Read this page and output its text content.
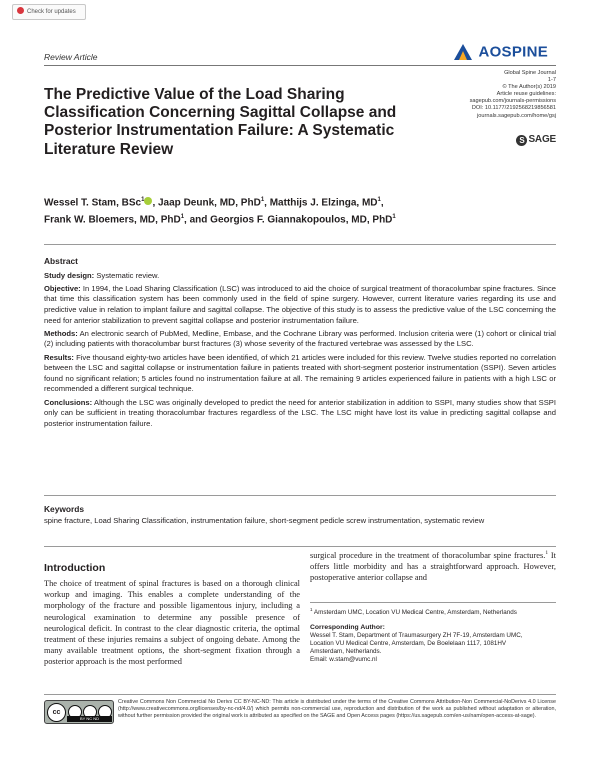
Check for updates
Review Article	AOSPINE
Global Spine Journal
1-7
© The Author(s) 2019
Article reuse guidelines:
sagepub.com/journals-permissions
DOI: 10.1177/2192568219856581
journals.sagepub.com/home/gsj
S SAGE
The Predictive Value of the Load Sharing Classification Concerning Sagittal Collapse and Posterior Instrumentation Failure: A Systematic Literature Review
Wessel T. Stam, BSc$^1$ , Jaap Deunk, MD, PhD$^1$, Matthijs J. Elzinga, $MD^1$,
Frank W. Bloemers, MD, PhD$^1$, and Georgios F. Giannakopoulos, MD, PhD$^1$
Abstract

Study design: Systematic review.

Objective: In 1994, the Load Sharing Classification (LSC) was introduced to aid the choice of surgical treatment of thoracolumbar spine fractures. Since that time this classification system has been commonly used in the field of spine surgery. However, current literature varies regarding its use and predictive value in relation to implant failure and sagittal collapse. The objective of this study is to assess the predictive value of the LSC concerning the need for anterior stabilization to prevent sagittal collapse and posterior instrumentation failure.

Methods: An electronic search of PubMed, Medline, Embase, and the Cochrane Library was performed. Inclusion criteria were (1) cohort or clinical trial (2) including patients with thoracolumbar burst fractures (3) whose severity of the fractured vertebrae was assessed by the LSC.

Results: Five thousand eighty-two articles have been identified, of which 21 articles were included for this review. Twelve studies reported no correlation between the LSC and sagittal collapse or instrumentation failure in patients treated with short-segment posterior instrumentation (SSPI). Seven articles found no significant relation; 5 articles found no instrumentation failure at all. The remaining 9 articles experienced failure in patients with a high LSC or recommended a different surgical technique.

Conclusions: Although the LSC was originally developed to predict the need for anterior stabilization in addition to SSPI, many studies show that SSPI only can be sufficient in treating thoracolumbar fractures regardless of the LSC. The LSC might have lost its value in predicting sagittal collapse and posterior instrumentation failure.

Keywords
spine fracture, Load Sharing Classification, instrumentation failure, short-segment pedicle screw instrumentation, systematic review
Introduction

The choice of treatment of spinal fractures is based on a thorough clinical workup and imaging. This enables a complete understanding of the morphology of the fracture and possible ligamentous injury, including a neurological examination to determine any possible presence of neurological deficit. In contrast to the clear diagnostic criteria, the optimal treatment of these injuries remains a subject of ongoing debate. Among the many available treatment options, the short-segment fixation through a posterior approach is the most performed

surgical procedure in the treatment of thoracolumbar spine fractures.$^1$ It offers little morbidity and has a straightforward approach. However, postoperative anterior collapse and

$^1$ Amsterdam UMC, Location VU Medical Centre, Amsterdam, Netherlands
Corresponding Author:
Wessel T. Stam, Department of Traumasurgery ZH 7F-19, Amsterdam UMC,
Location VU Medical Centre, Amsterdam, De Boelelaan 1117, 1081HV
Amsterdam, Netherlands.
Email: w.stam@vumc.nl
cc
BY NC ND
Creative Commons Non Commercial No Derivs CC BY-NC-ND: This article is distributed under the terms of the Creative Commons Attribution-Non Commercial-NoDerivs 4.0 License (http://www.creativecommons.org/licenses/by-nc-nd/4.0/) which permits non-commercial use, reproduction and distribution of the work as published without adaptation or alteration, without further permission provided the original work is attributed as specified on the SAGE and Open Access pages (https://us.sagepub.com/en-us/nam/open-access-at-sage).
